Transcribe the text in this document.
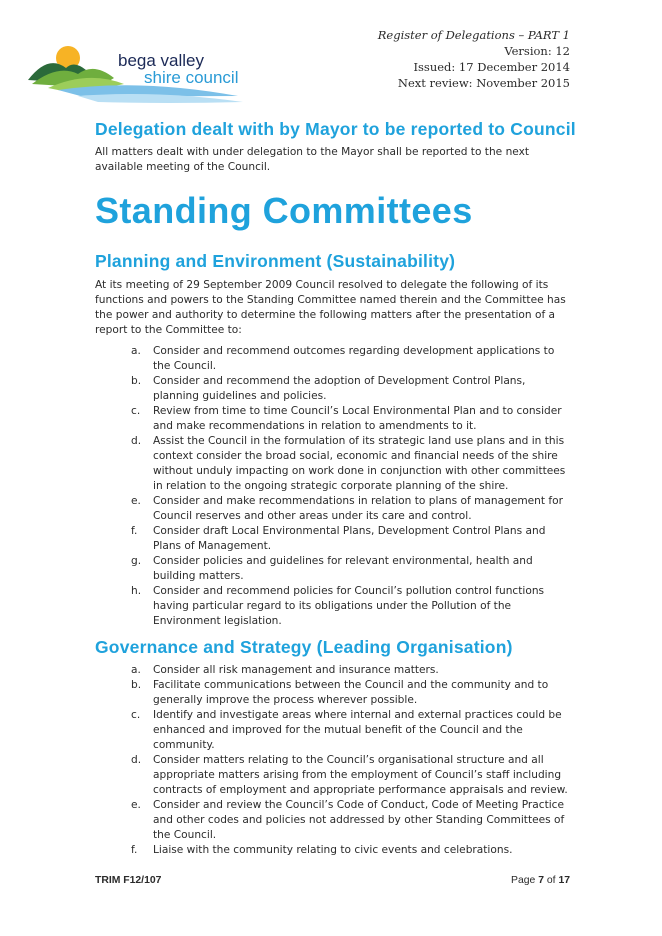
bega valley
shire council
Register of Delegations – PART 1
Version: 12
Issued: 17 December 2014
Next review: November 2015
Delegation dealt with by Mayor to be reported to Council

All matters dealt with under delegation to the Mayor shall be reported to the next available meeting of the Council.

Standing Committees
Planning and Environment (Sustainability)

At its meeting of 29 September 2009 Council resolved to delegate the following of its functions and powers to the Standing Committee named therein and the Committee has the power and authority to determine the following matters after the presentation of a report to the Committee to:

a. Consider and recommend outcomes regarding development applications to the Council.
b. Consider and recommend the adoption of Development Control Plans, planning guidelines and policies.
c. Review from time to time Council’s Local Environmental Plan and to consider and make recommendations in relation to amendments to it.
d. Assist the Council in the formulation of its strategic land use plans and in this context consider the broad social, economic and financial needs of the shire without unduly impacting on work done in conjunction with other committees in relation to the ongoing strategic corporate planning of the shire.
e. Consider and make recommendations in relation to plans of management for Council reserves and other areas under its care and control.
f. Consider draft Local Environmental Plans, Development Control Plans and Plans of Management.
g. Consider policies and guidelines for relevant environmental, health and building matters.
h. Consider and recommend policies for Council’s pollution control functions having particular regard to its obligations under the Pollution of the Environment legislation.
Governance and Strategy (Leading Organisation)
a. Consider all risk management and insurance matters.
b. Facilitate communications between the Council and the community and to generally improve the process wherever possible.
c. Identify and investigate areas where internal and external practices could be enhanced and improved for the mutual benefit of the Council and the community.
d. Consider matters relating to the Council’s organisational structure and all appropriate matters arising from the employment of Council’s staff including contracts of employment and appropriate performance appraisals and review.
e. Consider and review the Council’s Code of Conduct, Code of Meeting Practice and other codes and policies not addressed by other Standing Committees of the Council.
f. Liaise with the community relating to civic events and celebrations.
TRIM F12/107	Page 7 of 17
